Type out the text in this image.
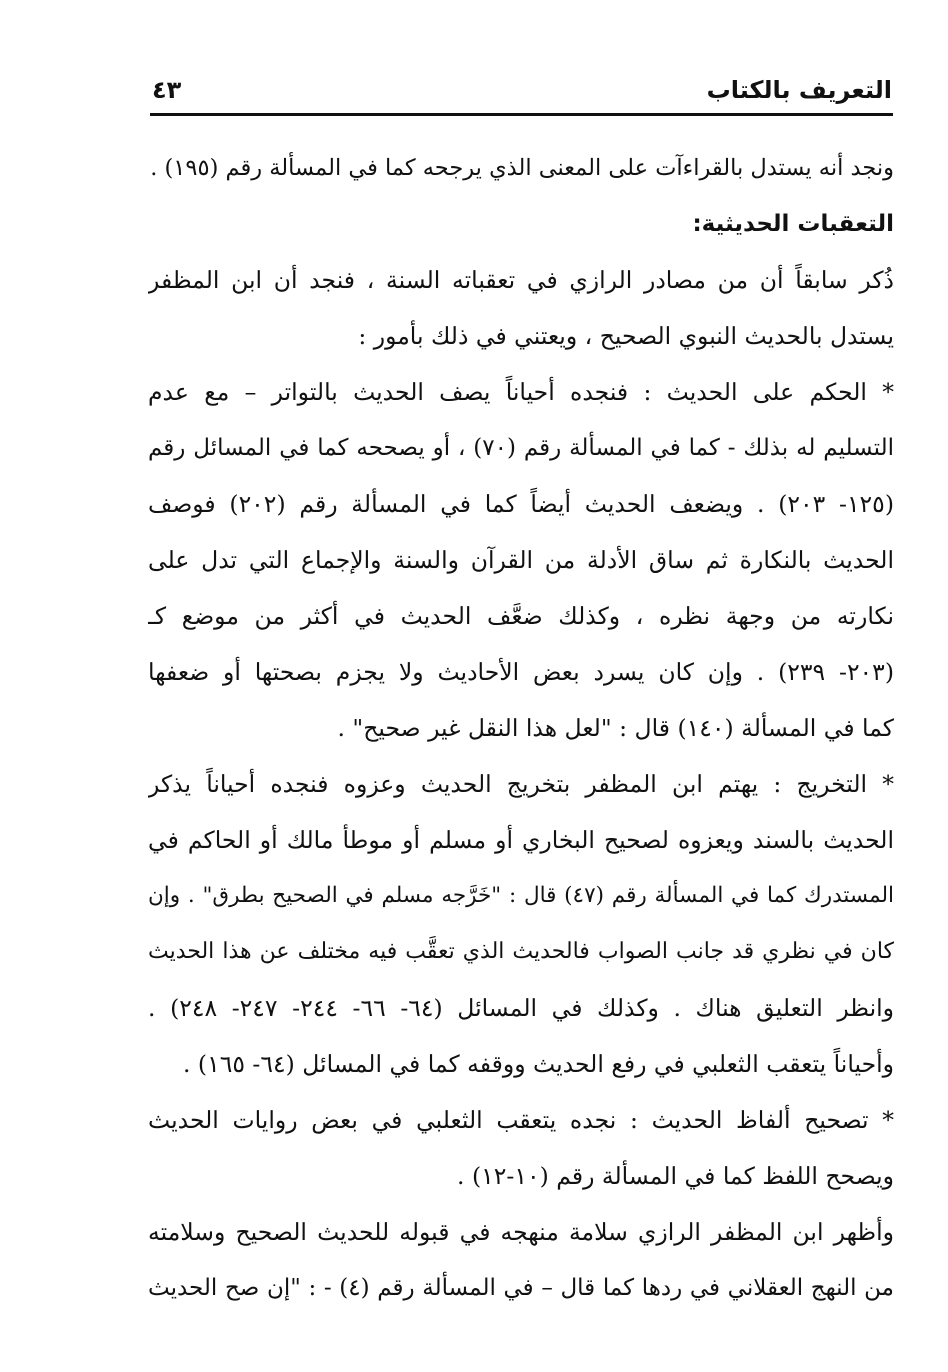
التعريف بالكتاب
٤٣
ونجد أنه يستدل بالقراءآت على المعنى الذي يرجحه كما في المسألة رقم (١٩٥) .
التعقبات الحديثية:
ذُكر سابقاً أن من مصادر الرازي في تعقباته السنة ، فنجد أن ابن المظفر
يستدل بالحديث النبوي الصحيح ، ويعتني في ذلك بأمور :
* الحكم على الحديث : فنجده أحياناً يصف الحديث بالتواتر – مع عدم
التسليم له بذلك - كما في المسألة رقم (٧٠) ، أو يصححه كما في المسائل رقم
(١٢٥- ٢٠٣) . ويضعف الحديث أيضاً كما في المسألة رقم (٢٠٢) فوصف
الحديث بالنكارة ثم ساق الأدلة من القرآن والسنة والإجماع التي تدل على
نكارته من وجهة نظره ، وكذلك ضعَّف الحديث في أكثر من موضع كـ
(٢٠٣- ٢٣٩) . وإن كان يسرد بعض الأحاديث ولا يجزم بصحتها أو ضعفها
كما في المسألة (١٤٠) قال : "لعل هذا النقل غير صحيح" .
* التخريج : يهتم ابن المظفر بتخريج الحديث وعزوه فنجده أحياناً يذكر
الحديث بالسند ويعزوه لصحيح البخاري أو مسلم أو موطأ مالك أو الحاكم في
المستدرك كما في المسألة رقم (٤٧) قال : "خَرَّجه مسلم في الصحيح بطرق" . وإن
كان في نظري قد جانب الصواب فالحديث الذي تعقَّب فيه مختلف عن هذا الحديث
وانظر التعليق هناك . وكذلك في المسائل (٦٤- ٦٦- ٢٤٤- ٢٤٧- ٢٤٨) .
وأحياناً يتعقب الثعلبي في رفع الحديث ووقفه كما في المسائل (٦٤- ١٦٥) .
* تصحيح ألفاظ الحديث : نجده يتعقب الثعلبي في بعض روايات الحديث
ويصحح اللفظ كما في المسألة رقم (١٠-١٢) .
وأظهر ابن المظفر الرازي سلامة منهجه في قبوله للحديث الصحيح وسلامته
من النهج العقلاني في ردها كما قال – في المسألة رقم (٤) - : "إن صح الحديث
